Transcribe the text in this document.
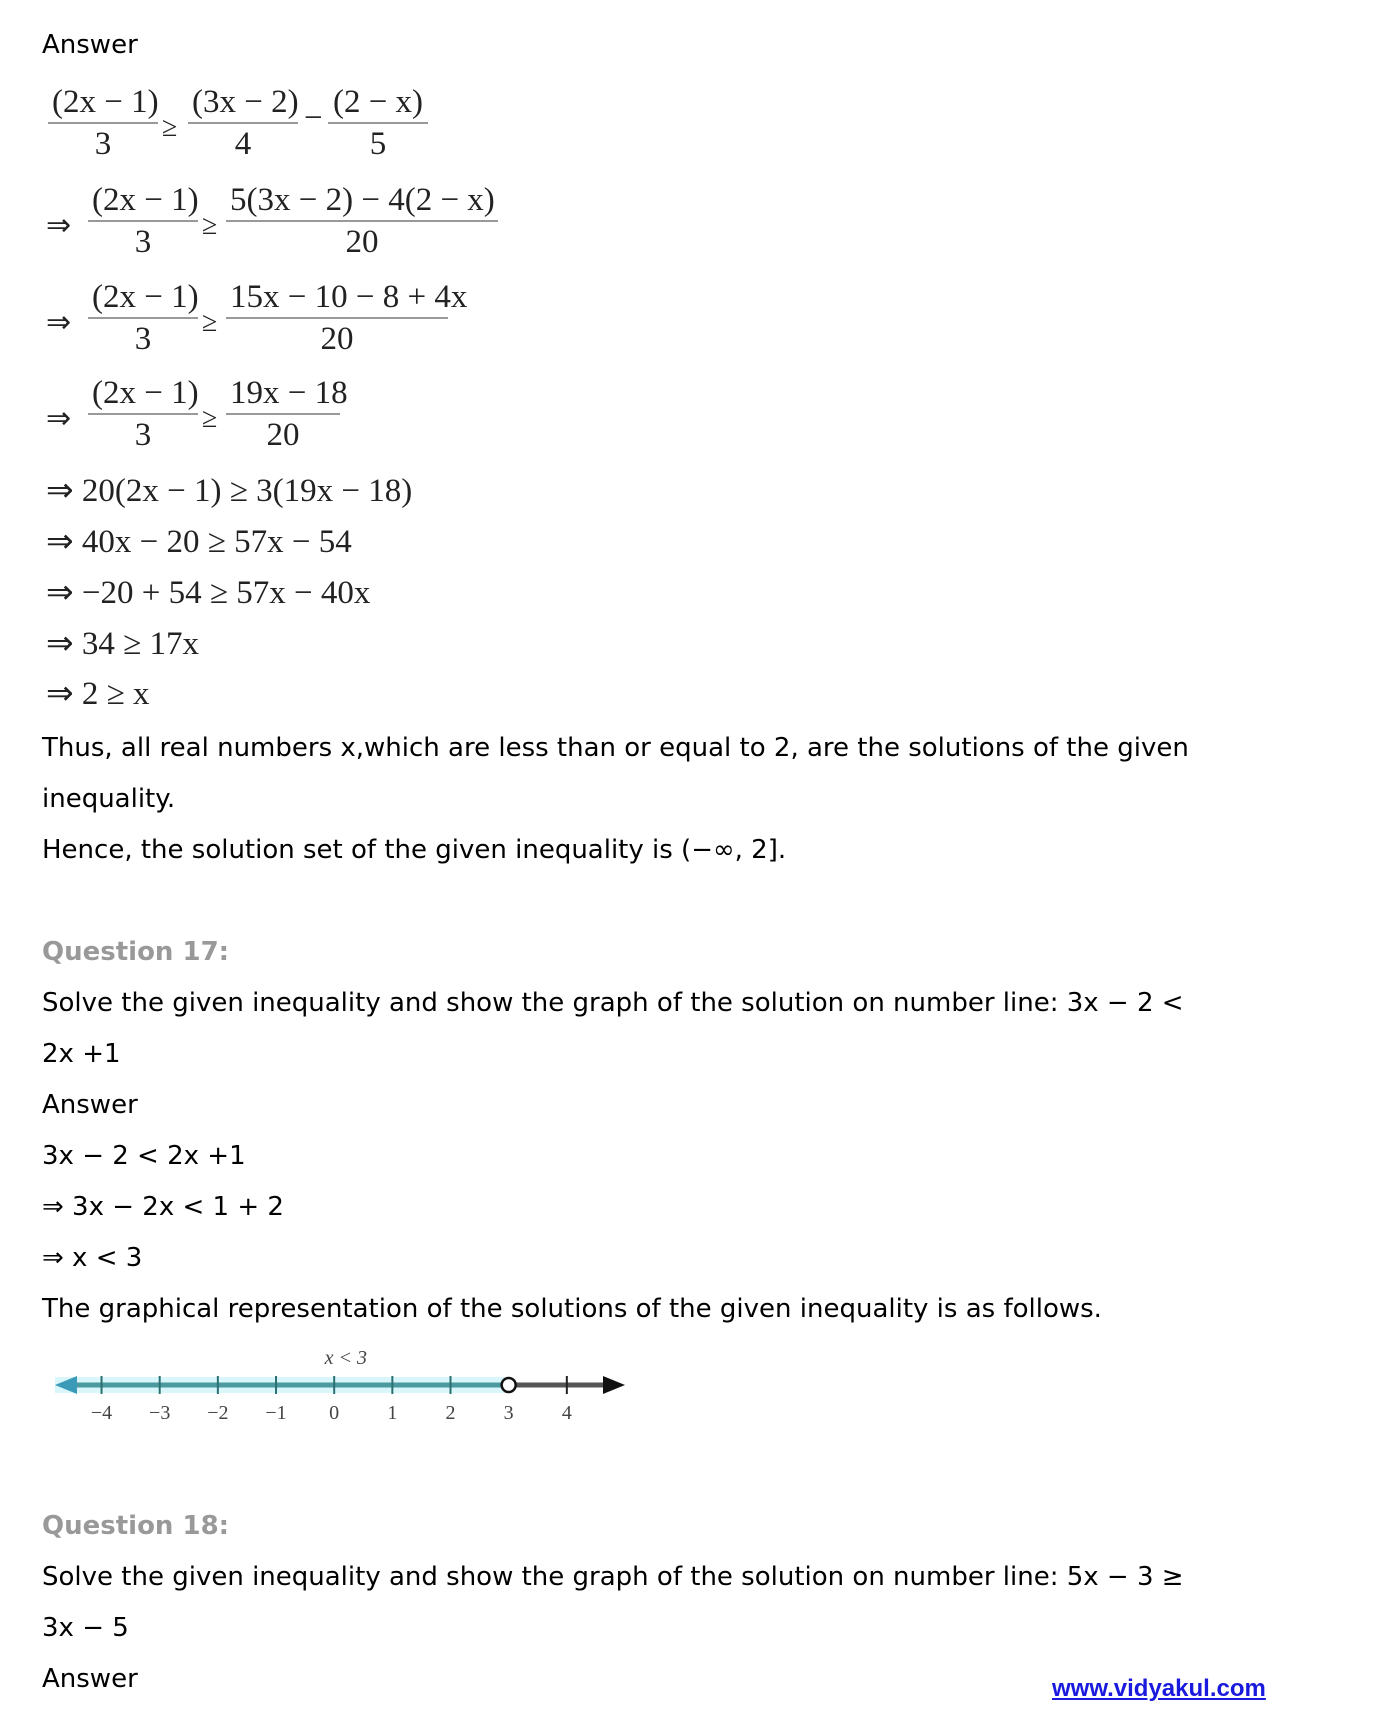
Answer
$\frac{(2x - 1)}{3} \ge \frac{(3x - 2)}{4} - \frac{(2 - x)}{5}$
⇒ $\frac{(2x - 1)}{3} \ge \frac{5(3x - 2) - 4(2 - x)}{20}$
⇒ $\frac{(2x - 1)}{3} \ge \frac{15x - 10 - 8 + 4x}{20}$
⇒ $\frac{(2x - 1)}{3} \ge \frac{19x - 18}{20}$
⇒ 20(2x − 1) ≥ 3(19x − 18)
⇒ 40x − 20 ≥ 57x − 54
⇒ −20 + 54 ≥ 57x − 40x
⇒ 34 ≥ 17x
⇒ 2 ≥ x
Thus, all real numbers x,which are less than or equal to 2, are the solutions of the given
inequality.
Hence, the solution set of the given inequality is (−∞, 2].
Question 17:
Solve the given inequality and show the graph of the solution on number line: 3x − 2 <
2x +1
Answer
3x − 2 < 2x +1
⇒ 3x − 2x < 1 + 2
⇒ x < 3
The graphical representation of the solutions of the given inequality is as follows.
x < 3
−4 −3 −2 −1 0 1 2 3 4
Question 18:
Solve the given inequality and show the graph of the solution on number line: 5x − 3 ≥
3x − 5
Answer	www.vidyakul.com
